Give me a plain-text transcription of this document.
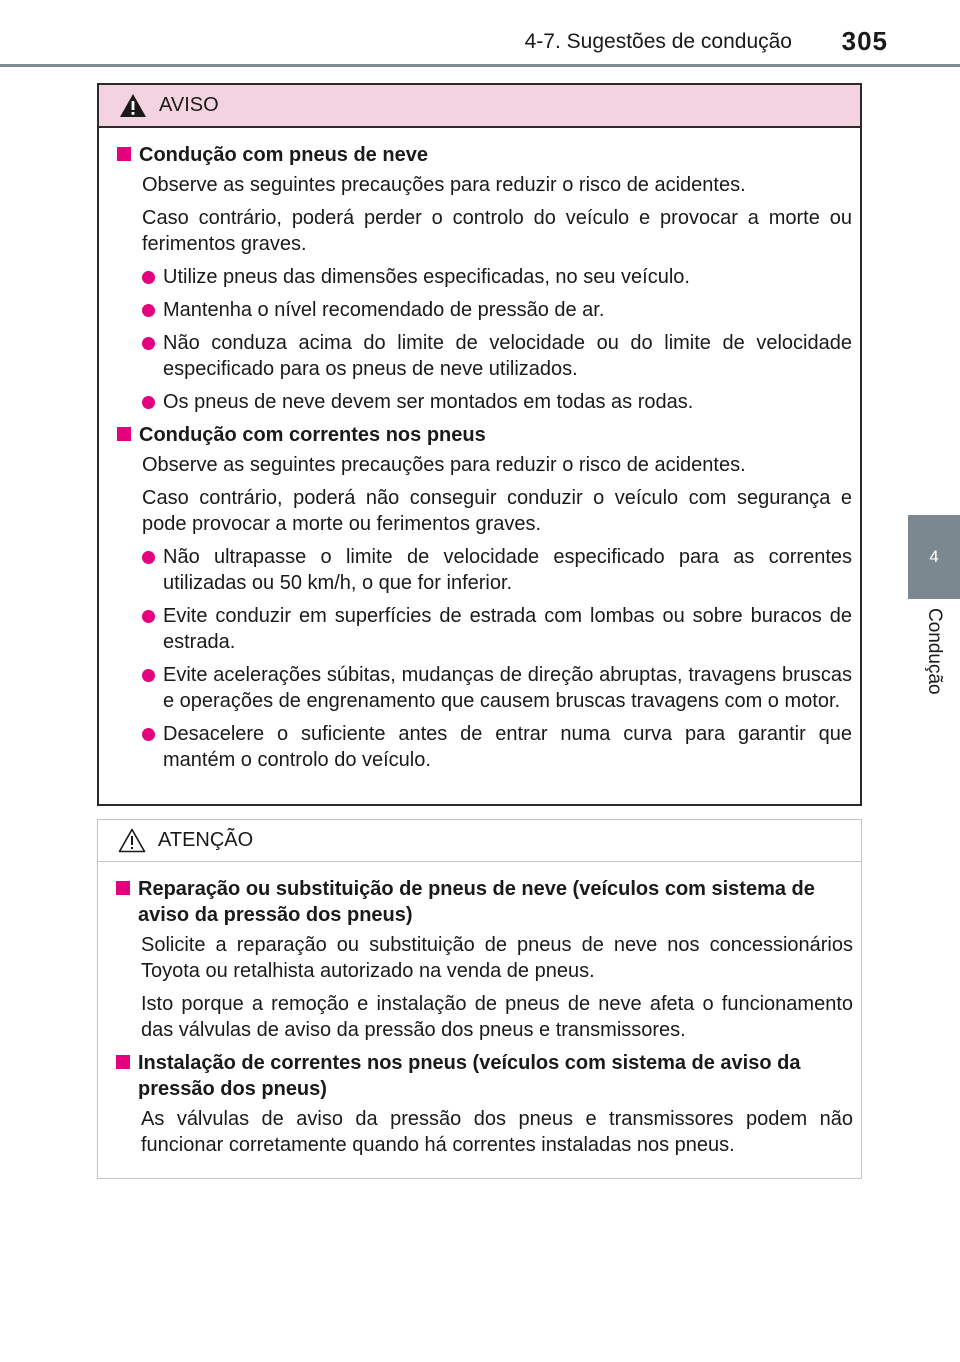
4-7. Sugestões de condução 305
4
Condução
AVISO
Condução com pneus de neve

Observe as seguintes precauções para reduzir o risco de acidentes.

Caso contrário, poderá perder o controlo do veículo e provocar a morte ou ferimentos graves.

Utilize pneus das dimensões especificadas, no seu veículo.
Mantenha o nível recomendado de pressão de ar.
Não conduza acima do limite de velocidade ou do limite de velocidade especificado para os pneus de neve utilizados.
Os pneus de neve devem ser montados em todas as rodas.
Condução com correntes nos pneus

Observe as seguintes precauções para reduzir o risco de acidentes.

Caso contrário, poderá não conseguir conduzir o veículo com segurança e pode provocar a morte ou ferimentos graves.

Não ultrapasse o limite de velocidade especificado para as correntes utilizadas ou 50 km/h, o que for inferior.
Evite conduzir em superfícies de estrada com lombas ou sobre buracos de estrada.
Evite acelerações súbitas, mudanças de direção abruptas, travagens bruscas e operações de engrenamento que causem bruscas travagens com o motor.
Desacelere o suficiente antes de entrar numa curva para garantir que mantém o controlo do veículo.
ATENÇÃO
Reparação ou substituição de pneus de neve (veículos com sistema de aviso da pressão dos pneus)

Solicite a reparação ou substituição de pneus de neve nos concessionários Toyota ou retalhista autorizado na venda de pneus.

Isto porque a remoção e instalação de pneus de neve afeta o funcionamento das válvulas de aviso da pressão dos pneus e transmissores.

Instalação de correntes nos pneus (veículos com sistema de aviso da pressão dos pneus)

As válvulas de aviso da pressão dos pneus e transmissores podem não funcionar corretamente quando há correntes instaladas nos pneus.
